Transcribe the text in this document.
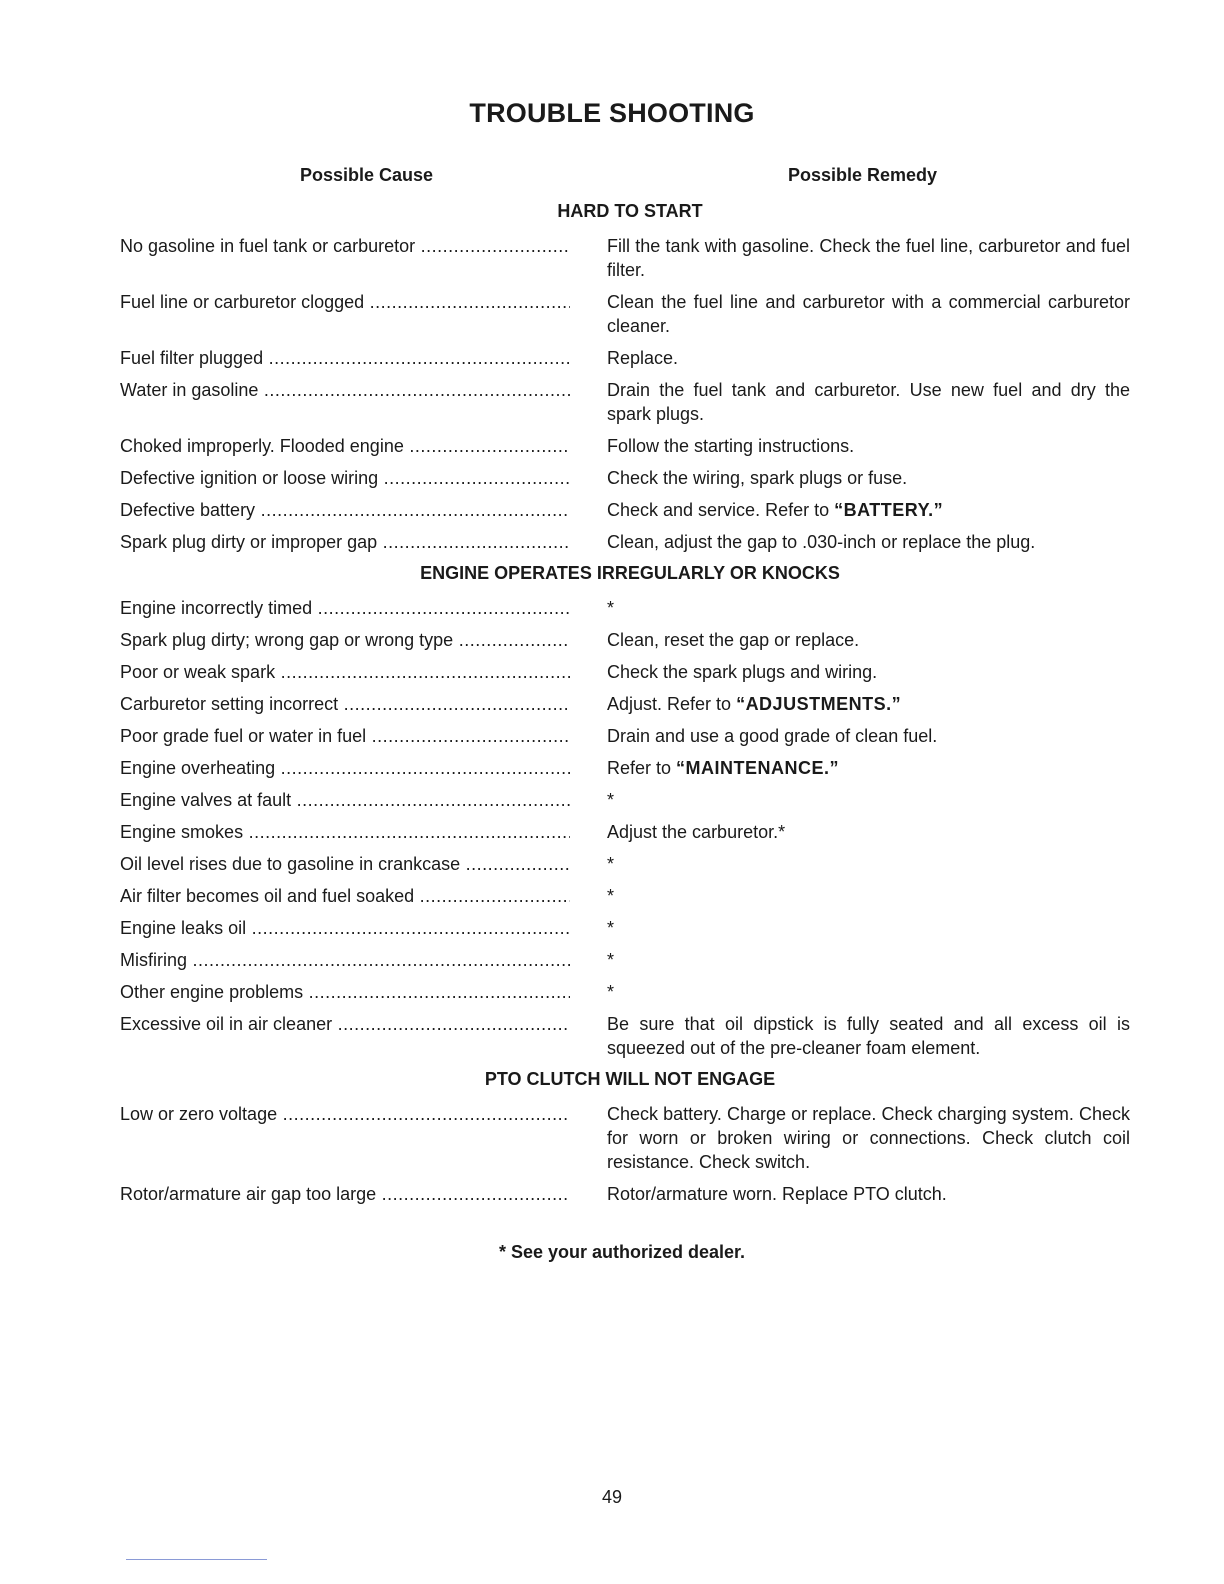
TROUBLE SHOOTING
Possible Cause	Possible Remedy
HARD TO START
No gasoline in fuel tank or carburetor .....	Fill the tank with gasoline. Check the fuel line, carburetor and fuel filter.
Fuel line or carburetor clogged .....	Clean the fuel line and carburetor with a commercial carburetor cleaner.
Fuel filter plugged .....	Replace.
Water in gasoline .....	Drain the fuel tank and carburetor. Use new fuel and dry the spark plugs.
Choked improperly. Flooded engine .....	Follow the starting instructions.
Defective ignition or loose wiring .....	Check the wiring, spark plugs or fuse.
Defective battery .....	Check and service. Refer to “BATTERY.”
Spark plug dirty or improper gap .....	Clean, adjust the gap to .030-inch or replace the plug.
ENGINE OPERATES IRREGULARLY OR KNOCKS
Engine incorrectly timed .....	*
Spark plug dirty; wrong gap or wrong type .....	Clean, reset the gap or replace.
Poor or weak spark .....	Check the spark plugs and wiring.
Carburetor setting incorrect .....	Adjust. Refer to “ADJUSTMENTS.”
Poor grade fuel or water in fuel .....	Drain and use a good grade of clean fuel.
Engine overheating .....	Refer to “MAINTENANCE.”
Engine valves at fault .....	*
Engine smokes .....	Adjust the carburetor.*
Oil level rises due to gasoline in crankcase .....	*
Air filter becomes oil and fuel soaked .....	*
Engine leaks oil .....	*
Misfiring .....	*
Other engine problems .....	*
Excessive oil in air cleaner .....	Be sure that oil dipstick is fully seated and all excess oil is squeezed out of the pre-cleaner foam element.
PTO CLUTCH WILL NOT ENGAGE
Low or zero voltage .....	Check battery. Charge or replace. Check charging system. Check for worn or broken wiring or connections. Check clutch coil resistance. Check switch.
Rotor/armature air gap too large .....	Rotor/armature worn. Replace PTO clutch.
* See your authorized dealer.
49
